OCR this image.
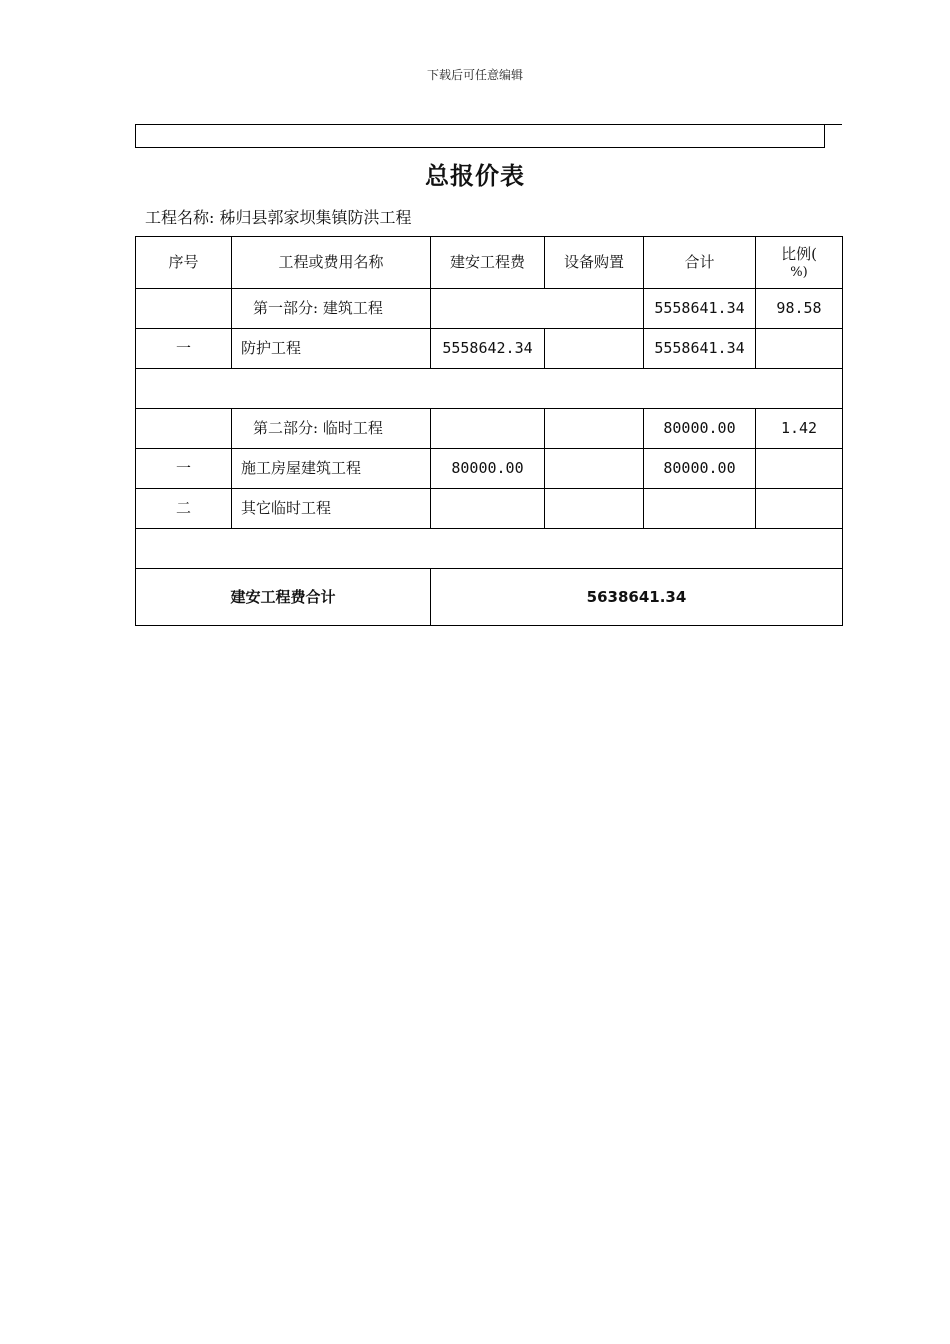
下载后可任意编辑
总报价表
工程名称: 秭归县郭家坝集镇防洪工程
序号	工程或费用名称	建安工程费	设备购置	合计	比例(
%)

	第一部分: 建筑工程			5558641.34	98.58
一	防护工程	5558642.34		5558641.34	

	第二部分: 临时工程			80000.00	1.42
一	施工房屋建筑工程	80000.00		80000.00	
二	其它临时工程				

建安工程费合计		5638641.34			
